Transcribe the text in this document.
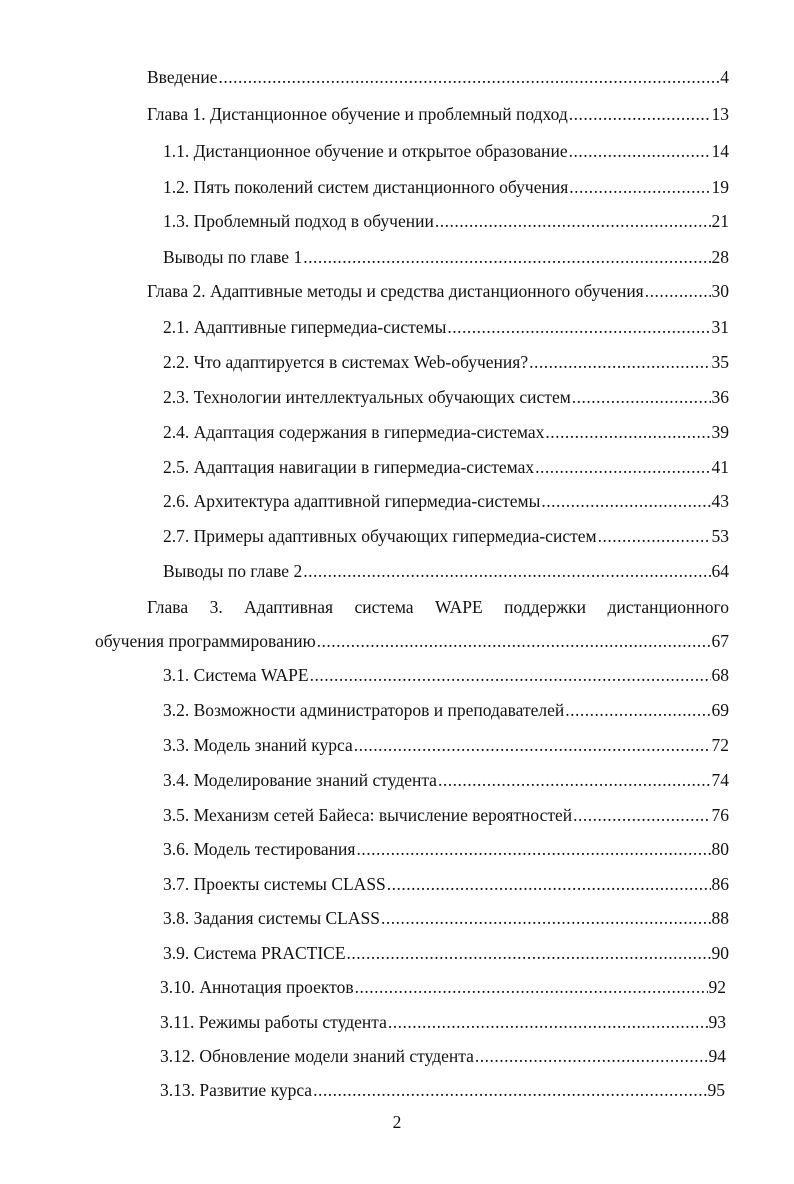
Введение .....	4
Глава 1. Дистанционное обучение и проблемный подход .....	13
1.1. Дистанционное обучение и открытое образование .....	14
1.2. Пять поколений систем дистанционного обучения .....	19
1.3. Проблемный подход в обучении .....	21
Выводы по главе 1 .....	28
Глава 2. Адаптивные методы и средства дистанционного обучения .....	30
2.1. Адаптивные гипермедиа-системы .....	31
2.2. Что адаптируется в системах Web-обучения? .....	35
2.3. Технологии интеллектуальных обучающих систем .....	36
2.4. Адаптация содержания в гипермедиа-системах .....	39
2.5. Адаптация навигации в гипермедиа-системах .....	41
2.6. Архитектура адаптивной гипермедиа-системы .....	43
2.7. Примеры адаптивных обучающих гипермедиа-систем .....	53
Выводы по главе 2 .....	64
Глава 3. Адаптивная система WAPE поддержки дистанционного
обучения программированию .....	67
3.1. Система WAPE .....	68
3.2. Возможности администраторов и преподавателей .....	69
3.3. Модель знаний курса .....	72
3.4. Моделирование знаний студента .....	74
3.5. Механизм сетей Байеса: вычисление вероятностей .....	76
3.6. Модель тестирования .....	80
3.7. Проекты системы CLASS .....	86
3.8. Задания системы CLASS .....	88
3.9. Система PRACTICE .....	90
3.10. Аннотация проектов .....	92
3.11. Режимы работы студента .....	93
3.12. Обновление модели знаний студента .....	94
3.13. Развитие курса .....	95
2
